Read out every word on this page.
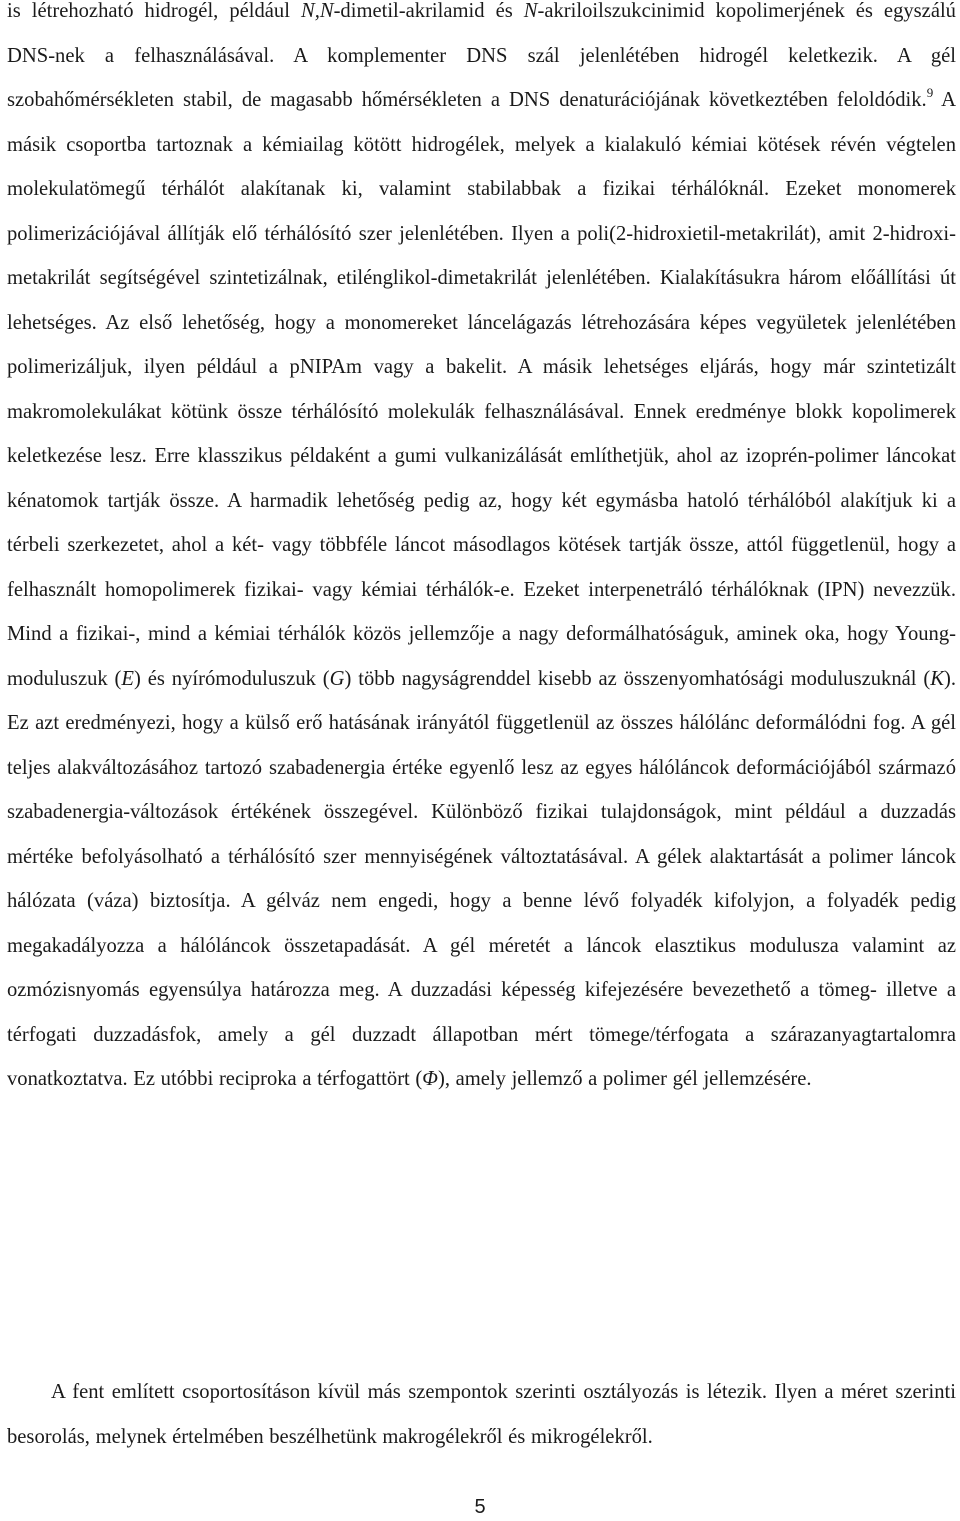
is létrehozható hidrogél, például N,N-dimetil-akrilamid és N-akriloilszukcinimid kopolimerjének és egyszálú DNS-nek a felhasználásával. A komplementer DNS szál jelenlétében hidrogél keletkezik. A gél szobahőmérsékleten stabil, de magasabb hőmérsékleten a DNS denaturációjának következtében feloldódik.$^9$ A másik csoportba tartoznak a kémiailag kötött hidrogélek, melyek a kialakuló kémiai kötések révén végtelen molekulatömegű térhálót alakítanak ki, valamint stabilabbak a fizikai térhálóknál. Ezeket monomerek polimerizációjával állítják elő térhálósító szer jelenlétében. Ilyen a poli(2-hidroxietil-metakrilát), amit 2-hidroxi-metakrilát segítségével szintetizálnak, etilénglikol-dimetakrilát jelenlétében. Kialakításukra három előállítási út lehetséges. Az első lehetőség, hogy a monomereket láncelágazás létrehozására képes vegyületek jelenlétében polimerizáljuk, ilyen például a pNIPAm vagy a bakelit. A másik lehetséges eljárás, hogy már szintetizált makromolekulákat kötünk össze térhálósító molekulák felhasználásával. Ennek eredménye blokk kopolimerek keletkezése lesz. Erre klasszikus példaként a gumi vulkanizálását említhetjük, ahol az izoprén-polimer láncokat kénatomok tartják össze. A harmadik lehetőség pedig az, hogy két egymásba hatoló térhálóból alakítjuk ki a térbeli szerkezetet, ahol a két- vagy többféle láncot másodlagos kötések tartják össze, attól függetlenül, hogy a felhasznált homopolimerek fizikai- vagy kémiai térhálók-e. Ezeket interpenetráló térhálóknak (IPN) nevezzük. Mind a fizikai-, mind a kémiai térhálók közös jellemzője a nagy deformálhatóságuk, aminek oka, hogy Young-moduluszuk (E) és nyírómoduluszuk (G) több nagyságrenddel kisebb az összenyomhatósági moduluszuknál (K). Ez azt eredményezi, hogy a külső erő hatásának irányától függetlenül az összes hálólánc deformálódni fog. A gél teljes alakváltozásához tartozó szabadenergia értéke egyenlő lesz az egyes hálóláncok deformációjából származó szabadenergia-változások értékének összegével. Különböző fizikai tulajdonságok, mint például a duzzadás mértéke befolyásolható a térhálósító szer mennyiségének változtatásával. A gélek alaktartását a polimer láncok hálózata (váza) biztosítja. A gélváz nem engedi, hogy a benne lévő folyadék kifolyjon, a folyadék pedig megakadályozza a hálóláncok összetapadását. A gél méretét a láncok elasztikus modulusza valamint az ozmózisnyomás egyensúlya határozza meg. A duzzadási képesség kifejezésére bevezethető a tömeg- illetve a térfogati duzzadásfok, amely a gél duzzadt állapotban mért tömege/térfogata a szárazanyagtartalomra vonatkoztatva. Ez utóbbi reciproka a térfogattört (Φ), amely jellemző a polimer gél jellemzésére.

A fent említett csoportosításon kívül más szempontok szerinti osztályozás is létezik. Ilyen a méret szerinti besorolás, melynek értelmében beszélhetünk makrogélekről és mikrogélekről.

5
